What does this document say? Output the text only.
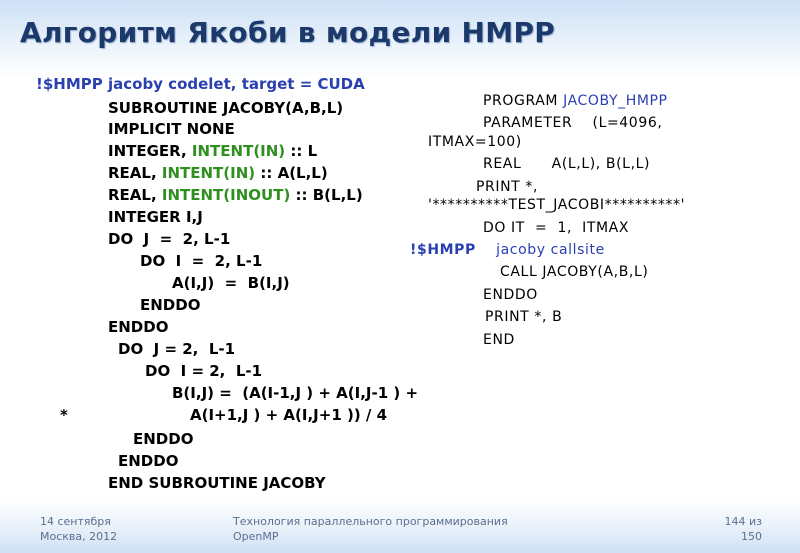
Алгоритм Якоби в модели HMPP

!$HMPP jacoby codelet, target = CUDA

SUBROUTINE JACOBY(A,B,L)

IMPLICIT NONE

INTEGER, INTENT(IN) :: L

REAL, INTENT(IN) :: A(L,L)

REAL, INTENT(INOUT) :: B(L,L)

INTEGER I,J

DO  J  =  2, L-1

DO  I  =  2, L-1

A(I,J)  =  B(I,J)

ENDDO

ENDDO

DO  J = 2,  L-1

DO  I = 2,  L-1

B(I,J) =  (A(I-1,J ) + A(I,J-1 ) +

*	A(I+1,J ) + A(I,J+1 )) / 4

ENDDO

ENDDO

END SUBROUTINE JACOBY

PROGRAM JACOBY_HMPP

PARAMETER    (L=4096,

ITMAX=100)

REAL      A(L,L), B(L,L)

PRINT *,

'**********TEST_JACOBI**********'

DO IT  =  1,  ITMAX

!$HMPP jacoby callsite

CALL JACOBY(A,B,L)

ENDDO

PRINT *, B

END

14 сентября
Москва, 2012
Технология параллельного программирования
OpenMP
144 из
150
